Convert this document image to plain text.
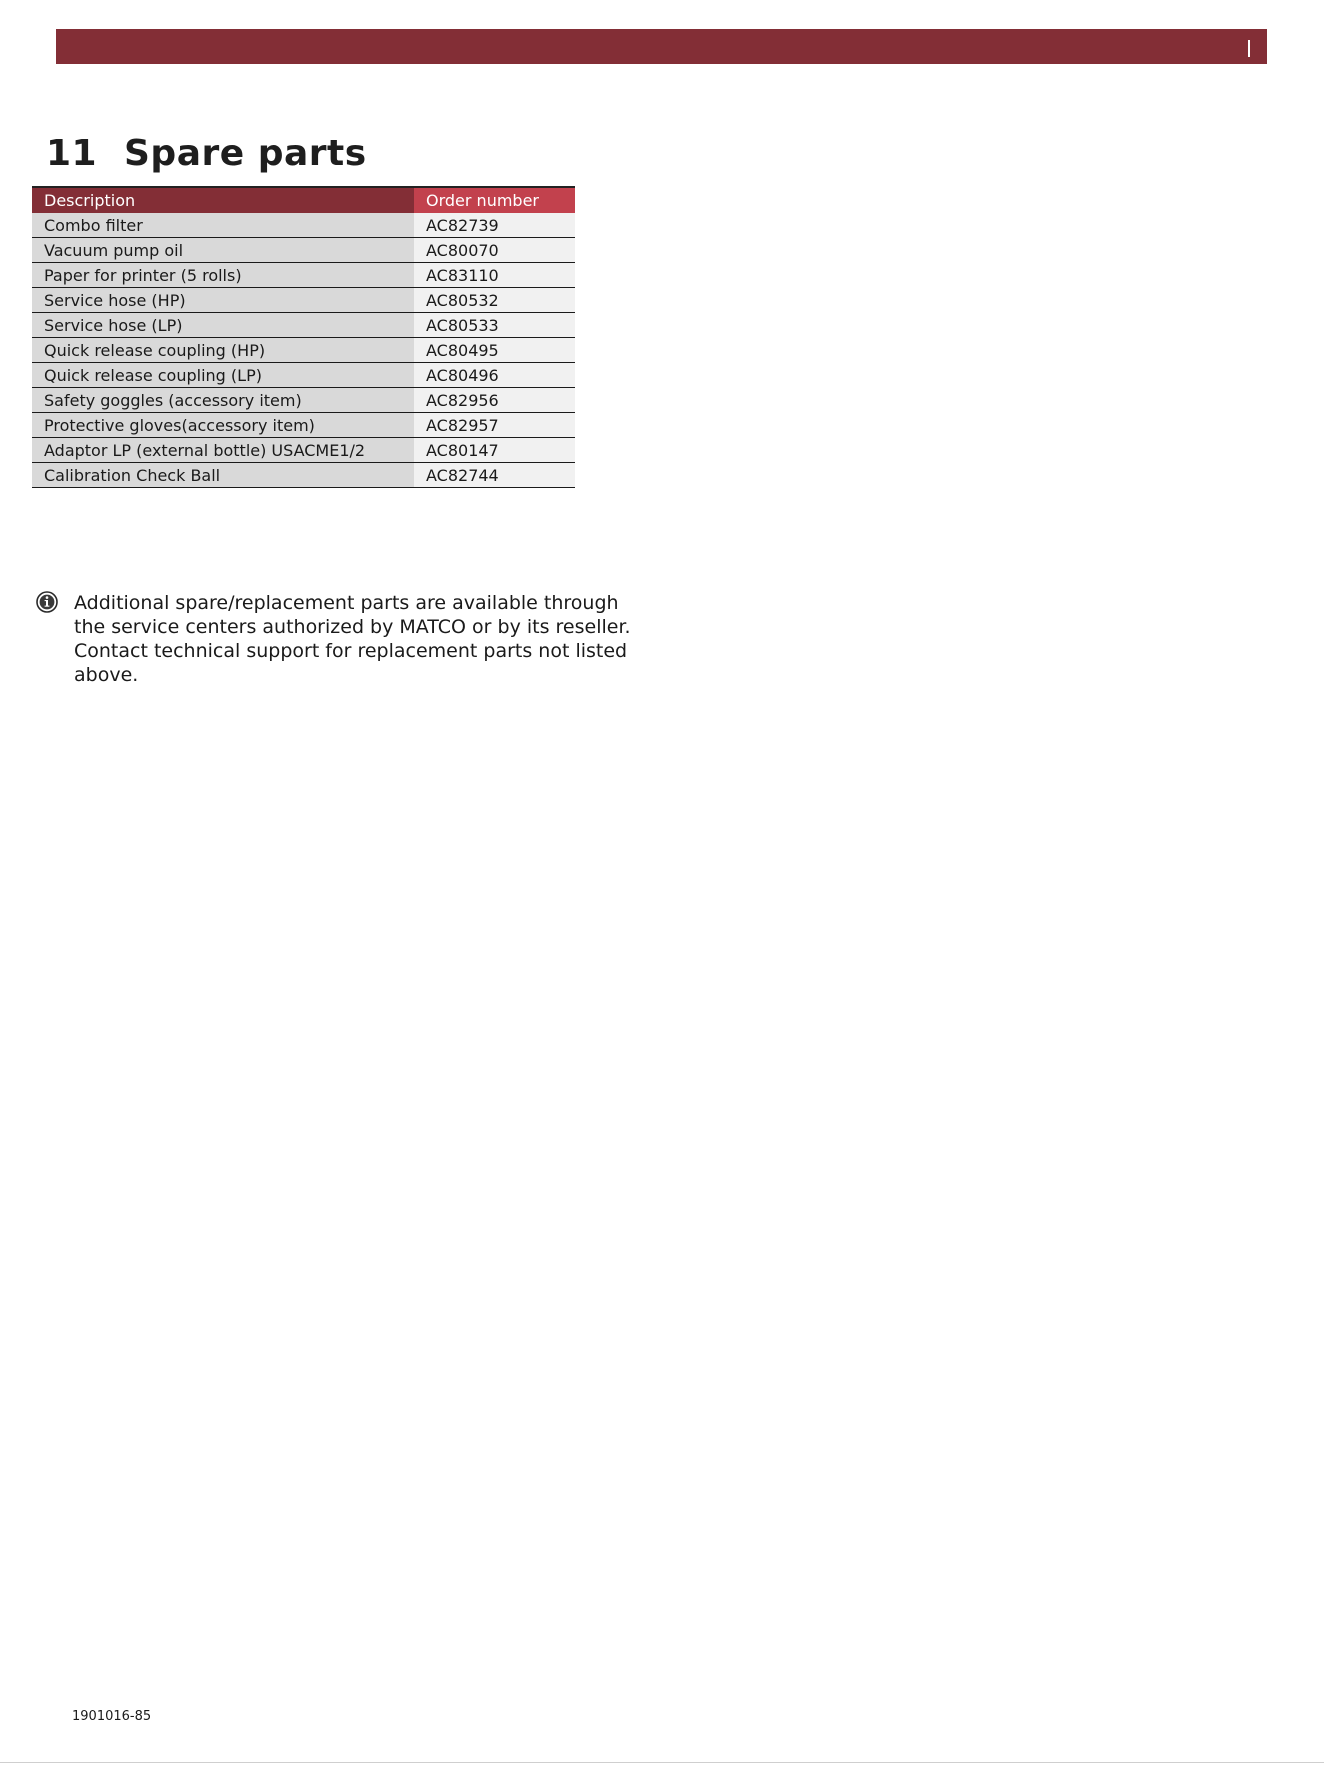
11 Spare parts
Description	Order number
Combo filter	AC82739
Vacuum pump oil	AC80070
Paper for printer (5 rolls)	AC83110
Service hose (HP)	AC80532
Service hose (LP)	AC80533
Quick release coupling (HP)	AC80495
Quick release coupling (LP)	AC80496
Safety goggles (accessory item)	AC82956
Protective gloves(accessory item)	AC82957
Adaptor LP (external bottle) USACME1/2	AC80147
Calibration Check Ball	AC82744

Additional spare/replacement parts are available through the service centers authorized by MATCO or by its reseller. Contact technical support for replacement parts not listed above.

1901016-85
